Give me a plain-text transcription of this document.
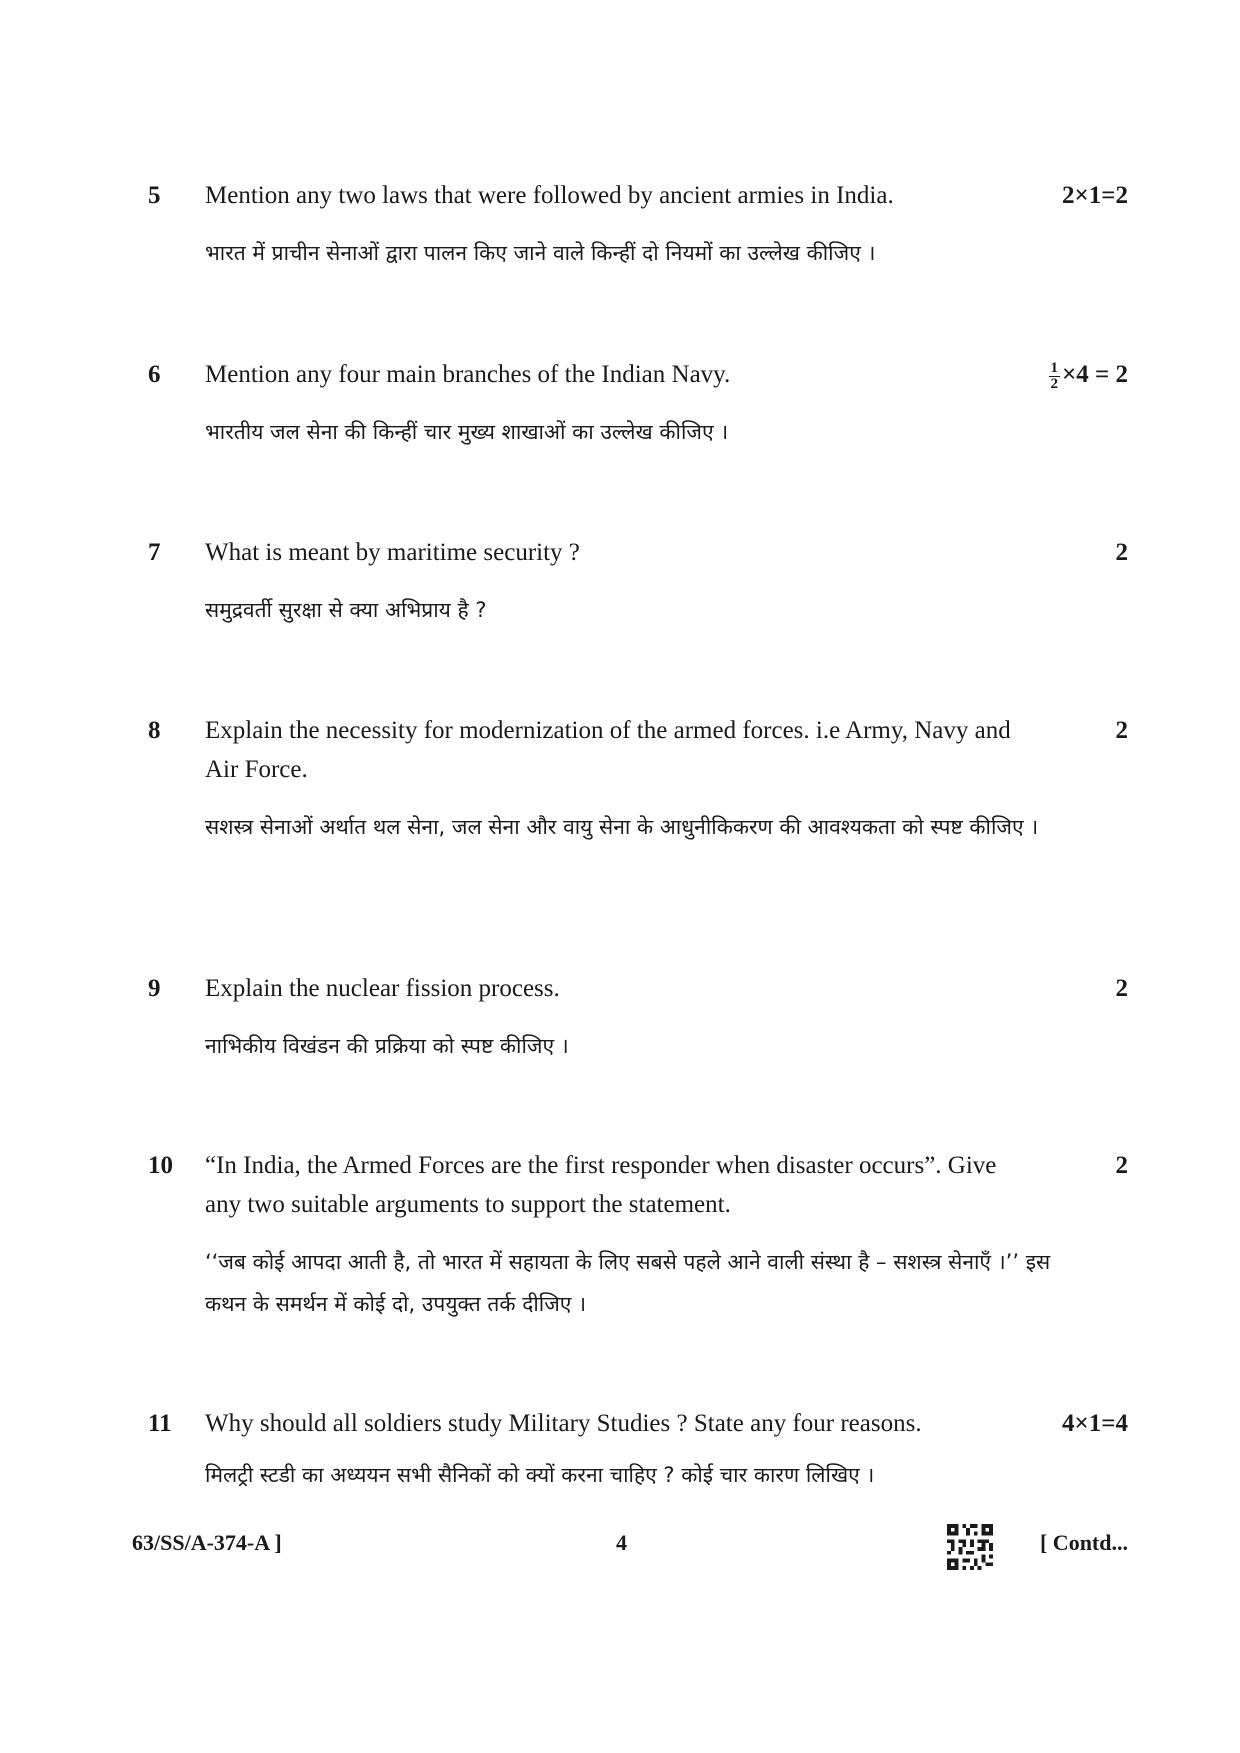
5	Mention any two laws that were followed by ancient armies in India.
भारत में प्राचीन सेनाओं द्वारा पालन किए जाने वाले किन्हीं दो नियमों का उल्लेख कीजिए ।
2×1=2
6	Mention any four main branches of the Indian Navy.
भारतीय जल सेना की किन्हीं चार मुख्य शाखाओं का उल्लेख कीजिए ।
$\frac{1}{2} \times 4 = 2$
7	What is meant by maritime security ?
समुद्रवर्ती सुरक्षा से क्या अभिप्राय है ?
2
8	Explain the necessity for modernization of the armed forces. i.e Army, Navy and Air Force.
सशस्त्र सेनाओं अर्थात थल सेना, जल सेना और वायु सेना के आधुनीकिकरण की आवश्यकता को स्पष्ट कीजिए ।
2
9	Explain the nuclear fission process.
नाभिकीय विखंडन की प्रक्रिया को स्पष्ट कीजिए ।
2
10	“In India, the Armed Forces are the first responder when disaster occurs”. Give any two suitable arguments to support the statement.
‘‘जब कोई आपदा आती है, तो भारत में सहायता के लिए सबसे पहले आने वाली संस्था है – सशस्त्र सेनाएँ ।’’ इस कथन के समर्थन में कोई दो, उपयुक्त तर्क दीजिए ।
2
11	Why should all soldiers study Military Studies ? State any four reasons.
मिलट्री स्टडी का अध्ययन सभी सैनिकों को क्यों करना चाहिए ? कोई चार कारण लिखिए ।
4×1=4
63/SS/A-374-A ]	4	[ Contd...
